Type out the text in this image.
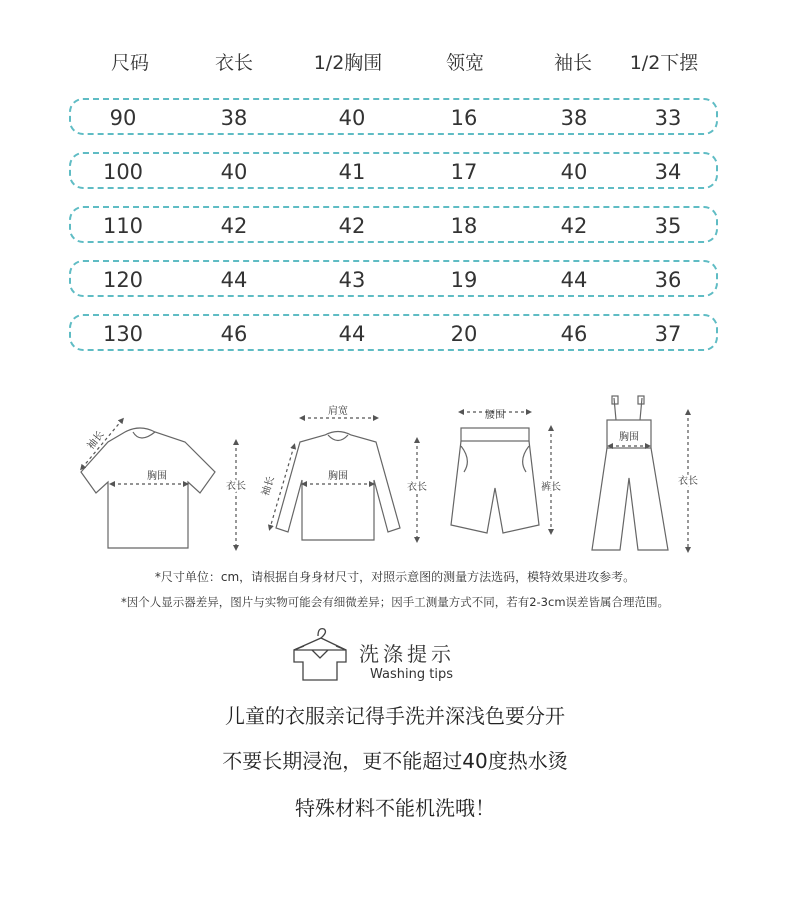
尺码	衣长	1/2胸围	领宽	袖长 1/2下摆
90	38	40	16	38	33
100	40	41	17	40	34
110	42	42	18	42	35
120	44	43	19	44	36
130	46	44	20	46	37
胸围
袖长
衣长
肩宽
胸围
袖长	衣长
腰围
裤长
胸围
衣长
*尺寸单位：cm，请根据自身身材尺寸，对照示意图的测量方法选码，模特效果进攻参考。
*因个人显示器差异，图片与实物可能会有细微差异；因手工测量方式不同，若有2-3cm误差皆属合理范围。
洗涤提示
Washing tips
儿童的衣服亲记得手洗并深浅色要分开
不要长期浸泡，更不能超过40度热水烫
特殊材料不能机洗哦！
